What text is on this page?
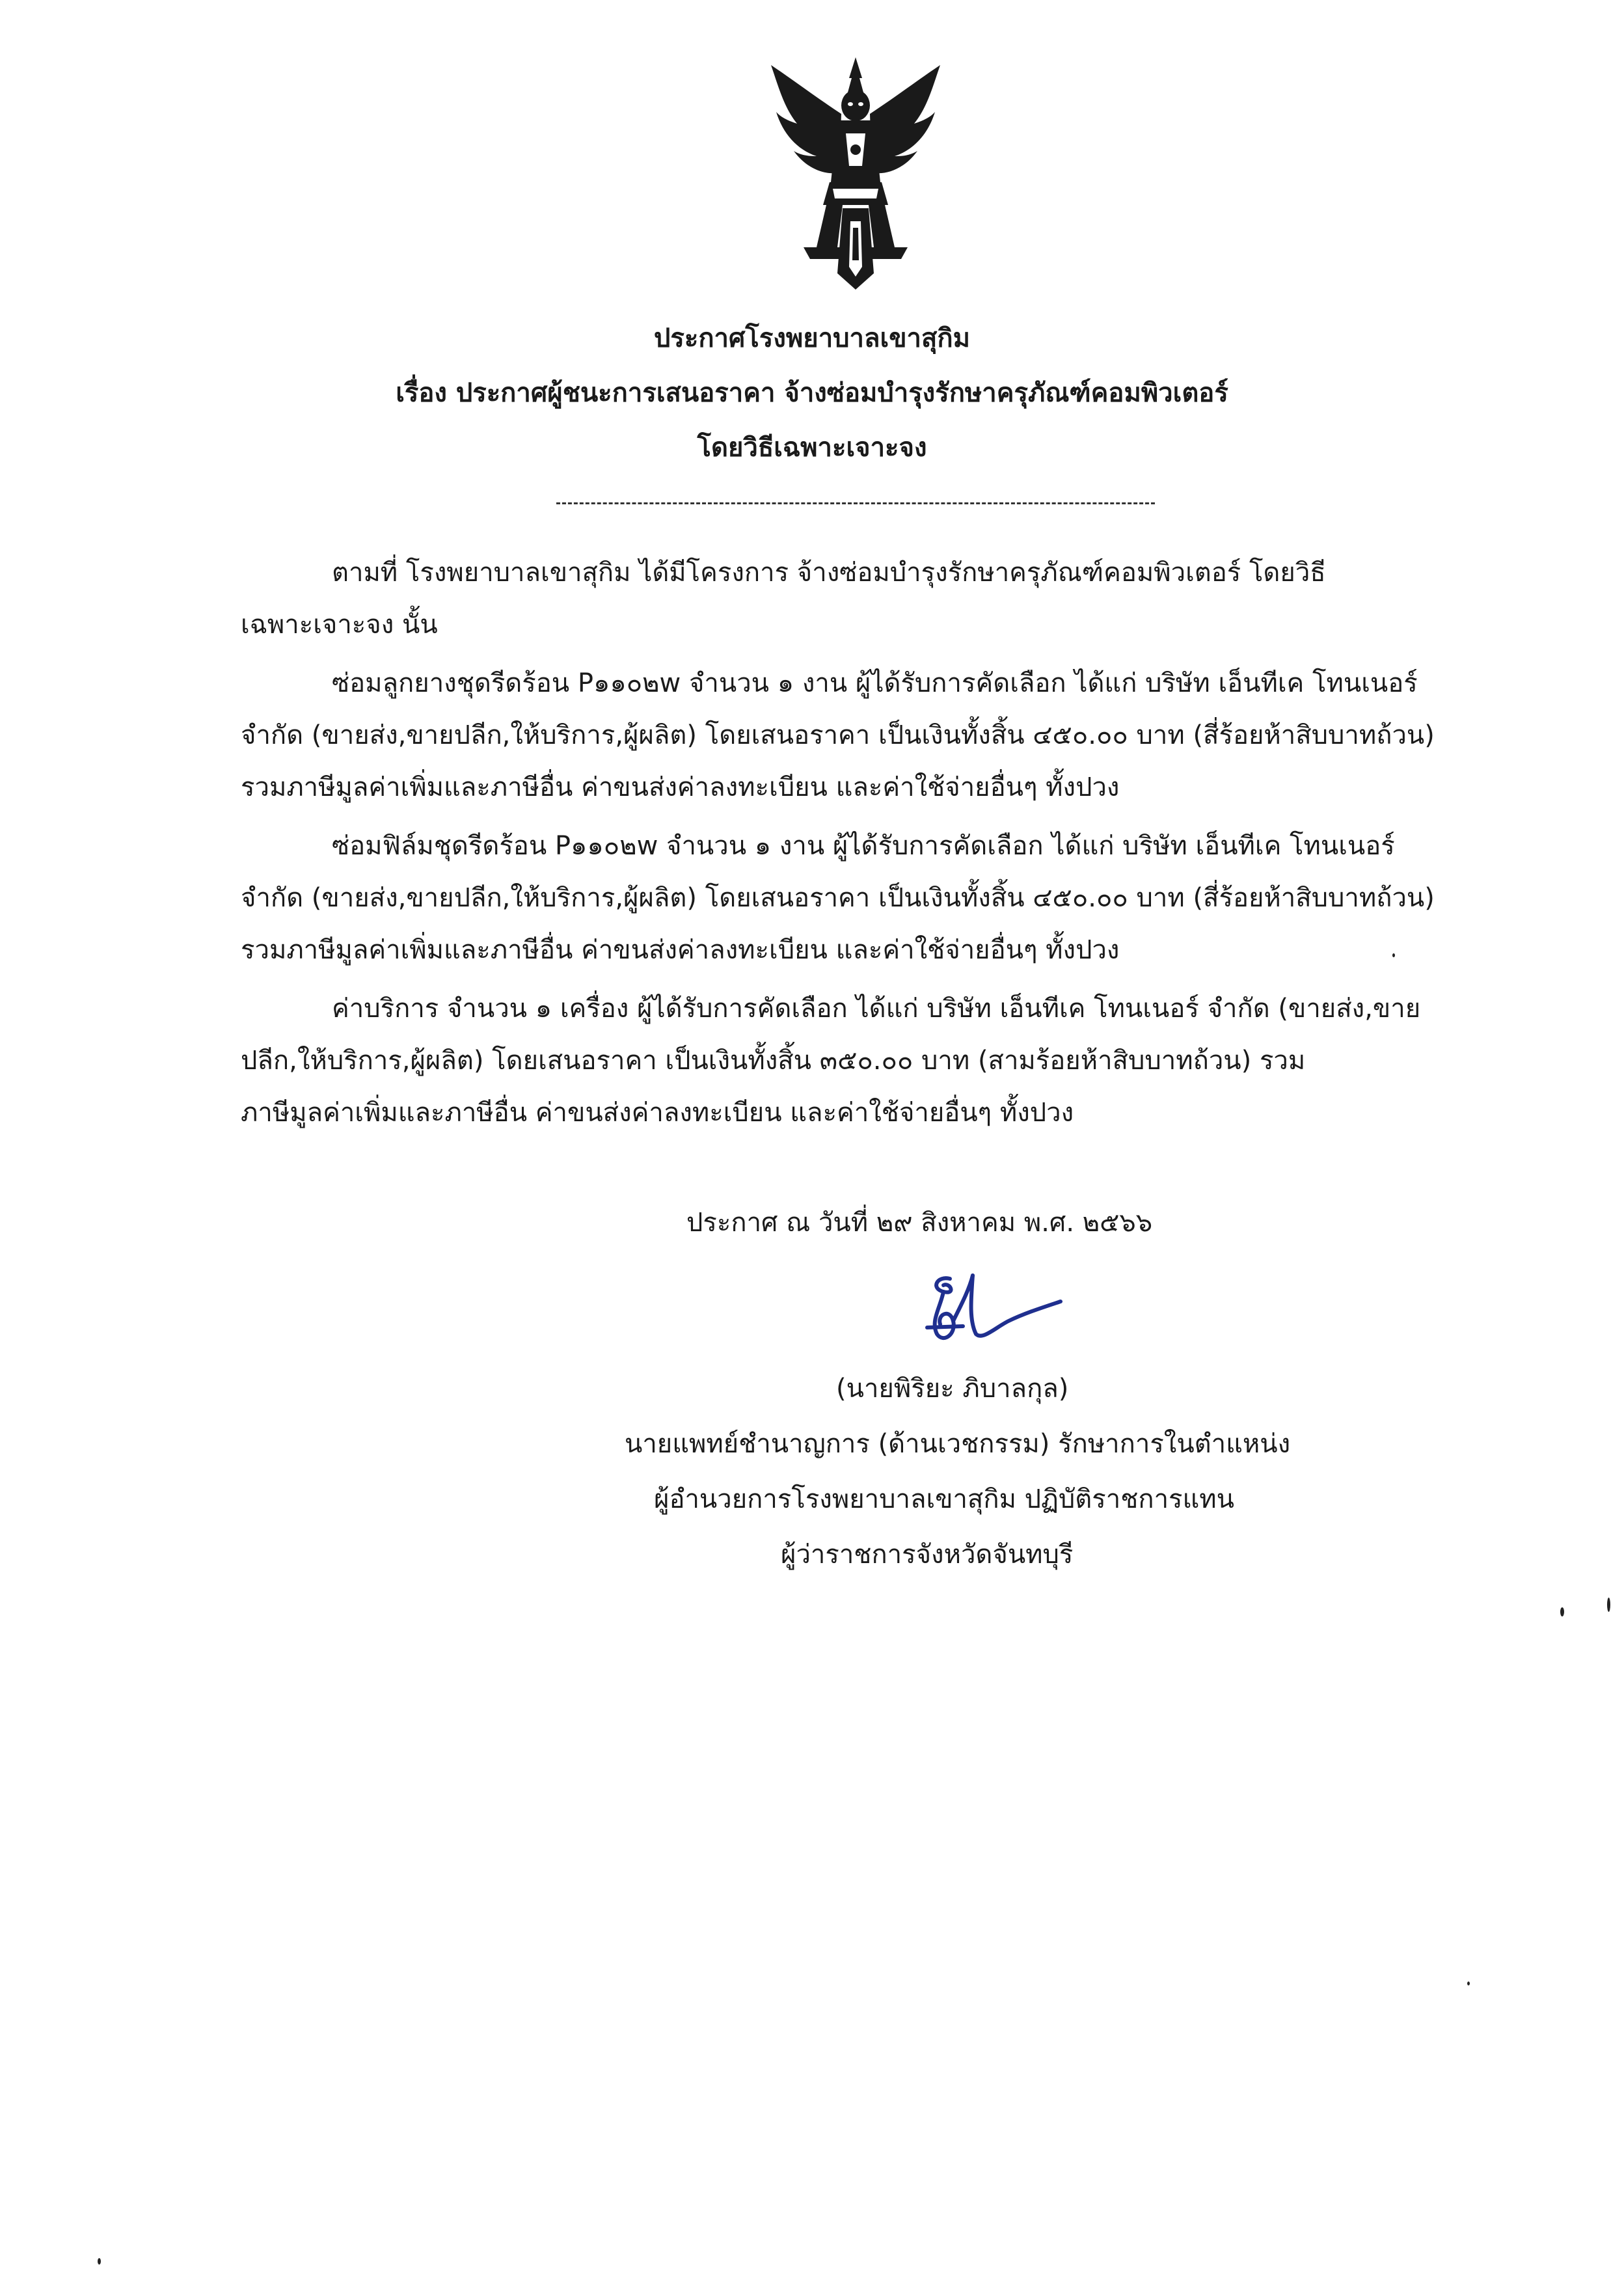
ประกาศโรงพยาบาลเขาสุกิม
เรื่อง ประกาศผู้ชนะการเสนอราคา จ้างซ่อมบำรุงรักษาครุภัณฑ์คอมพิวเตอร์
โดยวิธีเฉพาะเจาะจง
ตามที่ โรงพยาบาลเขาสุกิม ได้มีโครงการ จ้างซ่อมบำรุงรักษาครุภัณฑ์คอมพิวเตอร์ โดยวิธี
เฉพาะเจาะจง นั้น
ซ่อมลูกยางชุดรีดร้อน P๑๑๐๒w จำนวน ๑ งาน ผู้ได้รับการคัดเลือก ได้แก่ บริษัท เอ็นทีเค โทนเนอร์
จำกัด (ขายส่ง,ขายปลีก,ให้บริการ,ผู้ผลิต) โดยเสนอราคา เป็นเงินทั้งสิ้น ๔๕๐.๐๐ บาท (สี่ร้อยห้าสิบบาทถ้วน)
รวมภาษีมูลค่าเพิ่มและภาษีอื่น ค่าขนส่งค่าลงทะเบียน และค่าใช้จ่ายอื่นๆ ทั้งปวง
ซ่อมฟิล์มชุดรีดร้อน P๑๑๐๒w จำนวน ๑ งาน ผู้ได้รับการคัดเลือก ได้แก่ บริษัท เอ็นทีเค โทนเนอร์
จำกัด (ขายส่ง,ขายปลีก,ให้บริการ,ผู้ผลิต) โดยเสนอราคา เป็นเงินทั้งสิ้น ๔๕๐.๐๐ บาท (สี่ร้อยห้าสิบบาทถ้วน)
รวมภาษีมูลค่าเพิ่มและภาษีอื่น ค่าขนส่งค่าลงทะเบียน และค่าใช้จ่ายอื่นๆ ทั้งปวง
ค่าบริการ จำนวน ๑ เครื่อง ผู้ได้รับการคัดเลือก ได้แก่ บริษัท เอ็นทีเค โทนเนอร์ จำกัด (ขายส่ง,ขาย
ปลีก,ให้บริการ,ผู้ผลิต) โดยเสนอราคา เป็นเงินทั้งสิ้น ๓๕๐.๐๐ บาท (สามร้อยห้าสิบบาทถ้วน) รวม
ภาษีมูลค่าเพิ่มและภาษีอื่น ค่าขนส่งค่าลงทะเบียน และค่าใช้จ่ายอื่นๆ ทั้งปวง
ประกาศ ณ วันที่ ๒๙ สิงหาคม พ.ศ. ๒๕๖๖
(นายพิริยะ ภิบาลกุล)
นายแพทย์ชำนาญการ (ด้านเวชกรรม) รักษาการในตำแหน่ง
ผู้อำนวยการโรงพยาบาลเขาสุกิม ปฏิบัติราชการแทน
ผู้ว่าราชการจังหวัดจันทบุรี
